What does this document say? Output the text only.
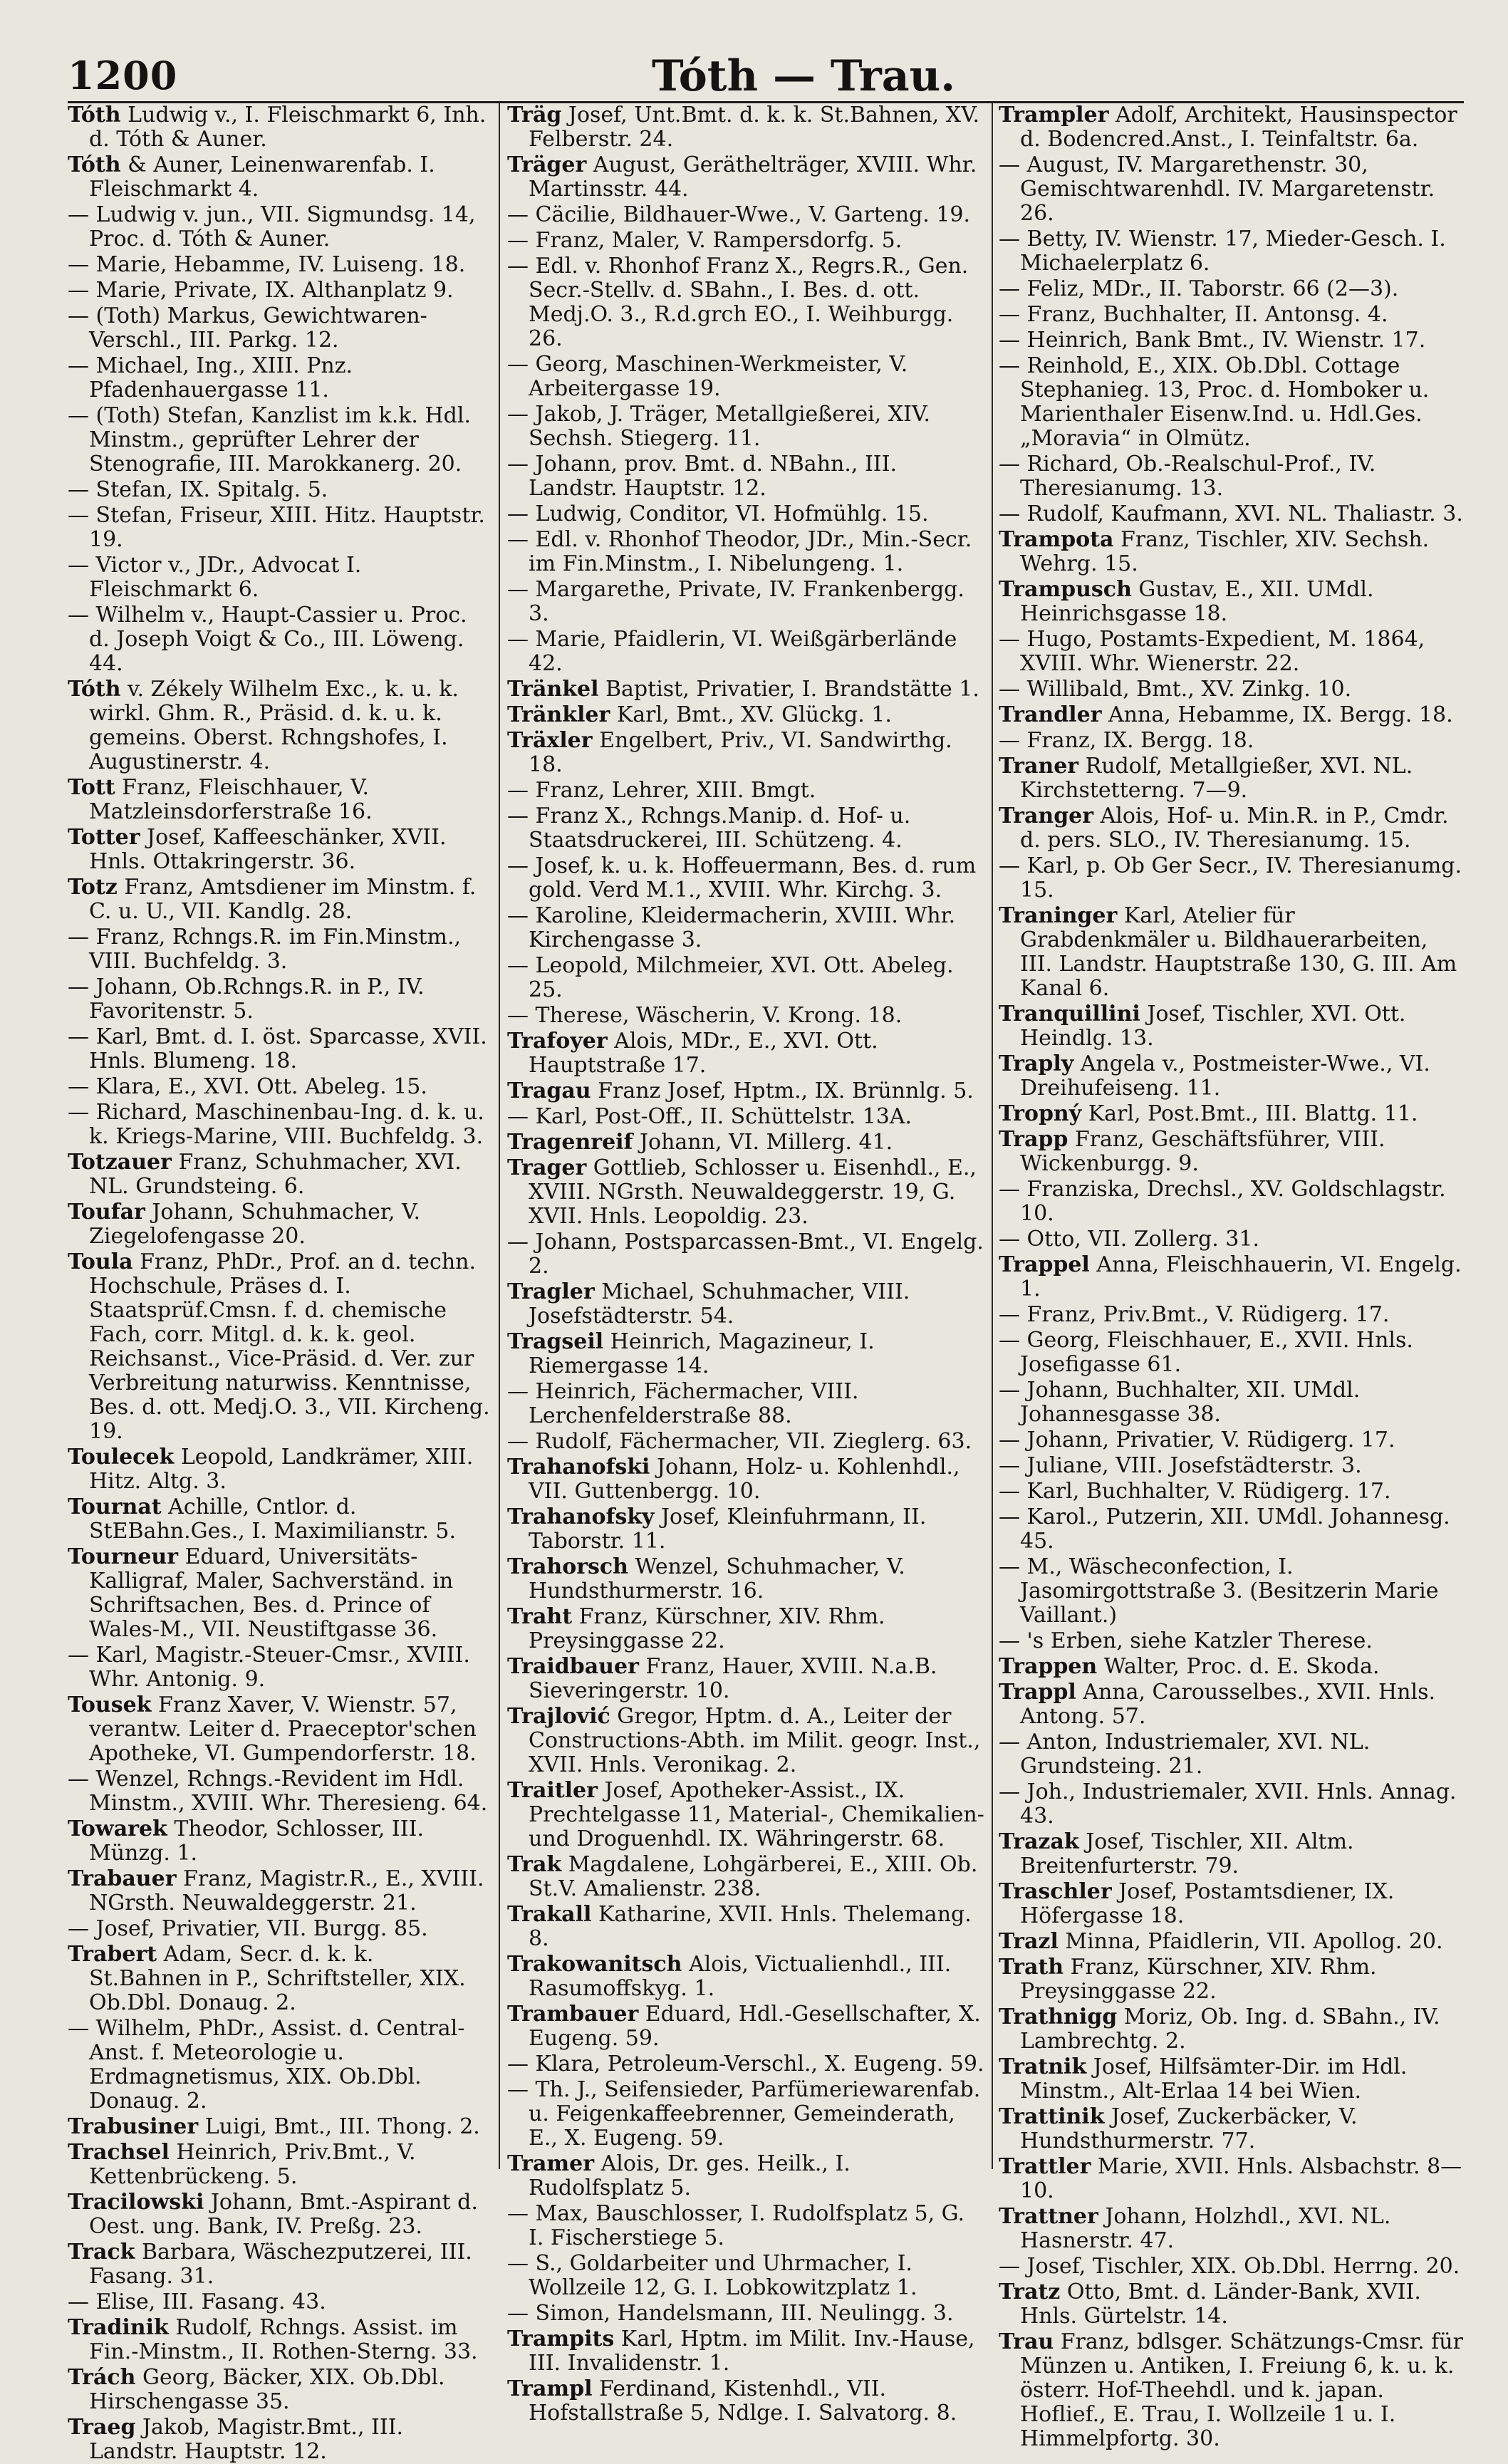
1200	Tóth — Trau.

Tóth Ludwig v., I. Fleischmarkt 6, Inh. d. Tóth & Auner.

Tóth & Auner, Leinenwarenfab. I. Fleischmarkt 4.

— Ludwig v. jun., VII. Sigmundsg. 14, Proc. d. Tóth & Auner.

— Marie, Hebamme, IV. Luiseng. 18.

— Marie, Private, IX. Althanplatz 9.

— (Toth) Markus, Gewichtwaren-Verschl., III. Parkg. 12.

— Michael, Ing., XIII. Pnz. Pfadenhauergasse 11.

— (Toth) Stefan, Kanzlist im k.k. Hdl. Minstm., geprüfter Lehrer der Stenografie, III. Marokkanerg. 20.

— Stefan, IX. Spitalg. 5.

— Stefan, Friseur, XIII. Hitz. Hauptstr. 19.

— Victor v., JDr., Advocat I. Fleischmarkt 6.

— Wilhelm v., Haupt-Cassier u. Proc. d. Joseph Voigt & Co., III. Löweng. 44.

Tóth v. Zékely Wilhelm Exc., k. u. k. wirkl. Ghm. R., Präsid. d. k. u. k. gemeins. Oberst. Rchngshofes, I. Augustinerstr. 4.

Tott Franz, Fleischhauer, V. Matzleinsdorferstraße 16.

Totter Josef, Kaffeeschänker, XVII. Hnls. Ottakringerstr. 36.

Totz Franz, Amtsdiener im Minstm. f. C. u. U., VII. Kandlg. 28.

— Franz, Rchngs.R. im Fin.Minstm., VIII. Buchfeldg. 3.

— Johann, Ob.Rchngs.R. in P., IV. Favoritenstr. 5.

— Karl, Bmt. d. I. öst. Sparcasse, XVII. Hnls. Blumeng. 18.

— Klara, E., XVI. Ott. Abeleg. 15.

— Richard, Maschinenbau-Ing. d. k. u. k. Kriegs-Marine, VIII. Buchfeldg. 3.

Totzauer Franz, Schuhmacher, XVI. NL. Grundsteing. 6.

Toufar Johann, Schuhmacher, V. Ziegelofengasse 20.

Toula Franz, PhDr., Prof. an d. techn. Hochschule, Präses d. I. Staatsprüf.Cmsn. f. d. chemische Fach, corr. Mitgl. d. k. k. geol. Reichsanst., Vice-Präsid. d. Ver. zur Verbreitung naturwiss. Kenntnisse, Bes. d. ott. Medj.O. 3., VII. Kircheng. 19.

Toulecek Leopold, Landkrämer, XIII. Hitz. Altg. 3.

Tournat Achille, Cntlor. d. StEBahn.Ges., I. Maximilianstr. 5.

Tourneur Eduard, Universitäts-Kalligraf, Maler, Sachverständ. in Schriftsachen, Bes. d. Prince of Wales-M., VII. Neustiftgasse 36.

— Karl, Magistr.-Steuer-Cmsr., XVIII. Whr. Antonig. 9.

Tousek Franz Xaver, V. Wienstr. 57, verantw. Leiter d. Praeceptor'schen Apotheke, VI. Gumpendorferstr. 18.

— Wenzel, Rchngs.-Revident im Hdl. Minstm., XVIII. Whr. Theresieng. 64.

Towarek Theodor, Schlosser, III. Münzg. 1.

Trabauer Franz, Magistr.R., E., XVIII. NGrsth. Neuwaldeggerstr. 21.

— Josef, Privatier, VII. Burgg. 85.

Trabert Adam, Secr. d. k. k. St.Bahnen in P., Schriftsteller, XIX. Ob.Dbl. Donaug. 2.

— Wilhelm, PhDr., Assist. d. Central-Anst. f. Meteorologie u. Erdmagnetismus, XIX. Ob.Dbl. Donaug. 2.

Trabusiner Luigi, Bmt., III. Thong. 2.

Trachsel Heinrich, Priv.Bmt., V. Kettenbrückeng. 5.

Tracilowski Johann, Bmt.-Aspirant d. Oest. ung. Bank, IV. Preßg. 23.

Track Barbara, Wäschezputzerei, III. Fasang. 31.

— Elise, III. Fasang. 43.

Tradinik Rudolf, Rchngs. Assist. im Fin.-Minstm., II. Rothen-Sterng. 33.

Trách Georg, Bäcker, XIX. Ob.Dbl. Hirschengasse 35.

Traeg Jakob, Magistr.Bmt., III. Landstr. Hauptstr. 12.

Träg Josef, Unt.Bmt. d. k. k. St.Bahnen, XV. Felberstr. 24.

Träger August, Geräthelträger, XVIII. Whr. Martinsstr. 44.

— Cäcilie, Bildhauer-Wwe., V. Garteng. 19.

— Franz, Maler, V. Rampersdorfg. 5.

— Edl. v. Rhonhof Franz X., Regrs.R., Gen. Secr.-Stellv. d. SBahn., I. Bes. d. ott. Medj.O. 3., R.d.grch EO., I. Weihburgg. 26.

— Georg, Maschinen-Werkmeister, V. Arbeitergasse 19.

— Jakob, J. Träger, Metallgießerei, XIV. Sechsh. Stiegerg. 11.

— Johann, prov. Bmt. d. NBahn., III. Landstr. Hauptstr. 12.

— Ludwig, Conditor, VI. Hofmühlg. 15.

— Edl. v. Rhonhof Theodor, JDr., Min.-Secr. im Fin.Minstm., I. Nibelungeng. 1.

— Margarethe, Private, IV. Frankenbergg. 3.

— Marie, Pfaidlerin, VI. Weißgärberlände 42.

Tränkel Baptist, Privatier, I. Brandstätte 1.

Tränkler Karl, Bmt., XV. Glückg. 1.

Träxler Engelbert, Priv., VI. Sandwirthg. 18.

— Franz, Lehrer, XIII. Bmgt.

— Franz X., Rchngs.Manip. d. Hof- u. Staatsdruckerei, III. Schützeng. 4.

— Josef, k. u. k. Hoffeuermann, Bes. d. rum gold. Verd M.1., XVIII. Whr. Kirchg. 3.

— Karoline, Kleidermacherin, XVIII. Whr. Kirchengasse 3.

— Leopold, Milchmeier, XVI. Ott. Abeleg. 25.

— Therese, Wäscherin, V. Krong. 18.

Trafoyer Alois, MDr., E., XVI. Ott. Hauptstraße 17.

Tragau Franz Josef, Hptm., IX. Brünnlg. 5.

— Karl, Post-Off., II. Schüttelstr. 13A.

Tragenreif Johann, VI. Millerg. 41.

Trager Gottlieb, Schlosser u. Eisenhdl., E., XVIII. NGrsth. Neuwaldeggerstr. 19, G. XVII. Hnls. Leopoldig. 23.

— Johann, Postsparcassen-Bmt., VI. Engelg. 2.

Tragler Michael, Schuhmacher, VIII. Josefstädterstr. 54.

Tragseil Heinrich, Magazineur, I. Riemergasse 14.

— Heinrich, Fächermacher, VIII. Lerchenfelderstraße 88.

— Rudolf, Fächermacher, VII. Zieglerg. 63.

Trahanofski Johann, Holz- u. Kohlenhdl., VII. Guttenbergg. 10.

Trahanofsky Josef, Kleinfuhrmann, II. Taborstr. 11.

Trahorsch Wenzel, Schuhmacher, V. Hundsthurmerstr. 16.

Traht Franz, Kürschner, XIV. Rhm. Preysinggasse 22.

Traidbauer Franz, Hauer, XVIII. N.a.B. Sieveringerstr. 10.

Trajlović Gregor, Hptm. d. A., Leiter der Constructions-Abth. im Milit. geogr. Inst., XVII. Hnls. Veronikag. 2.

Traitler Josef, Apotheker-Assist., IX. Prechtelgasse 11, Material-, Chemikalien- und Droguenhdl. IX. Währingerstr. 68.

Trak Magdalene, Lohgärberei, E., XIII. Ob. St.V. Amalienstr. 238.

Trakall Katharine, XVII. Hnls. Thelemang. 8.

Trakowanitsch Alois, Victualienhdl., III. Rasumoffskyg. 1.

Trambauer Eduard, Hdl.-Gesellschafter, X. Eugeng. 59.

— Klara, Petroleum-Verschl., X. Eugeng. 59.

— Th. J., Seifensieder, Parfümeriewarenfab. u. Feigenkaffeebrenner, Gemeinderath, E., X. Eugeng. 59.

Tramer Alois, Dr. ges. Heilk., I. Rudolfsplatz 5.

— Max, Bauschlosser, I. Rudolfsplatz 5, G. I. Fischerstiege 5.

— S., Goldarbeiter und Uhrmacher, I. Wollzeile 12, G. I. Lobkowitzplatz 1.

— Simon, Handelsmann, III. Neulingg. 3.

Trampits Karl, Hptm. im Milit. Inv.-Hause, III. Invalidenstr. 1.

Trampl Ferdinand, Kistenhdl., VII. Hofstallstraße 5, Ndlge. I. Salvatorg. 8.

Trampler Adolf, Architekt, Hausinspector d. Bodencred.Anst., I. Teinfaltstr. 6a.

— August, IV. Margarethenstr. 30, Gemischtwarenhdl. IV. Margaretenstr. 26.

— Betty, IV. Wienstr. 17, Mieder-Gesch. I. Michaelerplatz 6.

— Feliz, MDr., II. Taborstr. 66 (2—3).

— Franz, Buchhalter, II. Antonsg. 4.

— Heinrich, Bank Bmt., IV. Wienstr. 17.

— Reinhold, E., XIX. Ob.Dbl. Cottage Stephanieg. 13, Proc. d. Homboker u. Marienthaler Eisenw.Ind. u. Hdl.Ges. „Moravia“ in Olmütz.

— Richard, Ob.-Realschul-Prof., IV. Theresianumg. 13.

— Rudolf, Kaufmann, XVI. NL. Thaliastr. 3.

Trampota Franz, Tischler, XIV. Sechsh. Wehrg. 15.

Trampusch Gustav, E., XII. UMdl. Heinrichsgasse 18.

— Hugo, Postamts-Expedient, M. 1864, XVIII. Whr. Wienerstr. 22.

— Willibald, Bmt., XV. Zinkg. 10.

Trandler Anna, Hebamme, IX. Bergg. 18.

— Franz, IX. Bergg. 18.

Traner Rudolf, Metallgießer, XVI. NL. Kirchstetterng. 7—9.

Tranger Alois, Hof- u. Min.R. in P., Cmdr. d. pers. SLO., IV. Theresianumg. 15.

— Karl, p. Ob Ger Secr., IV. Theresianumg. 15.

Traninger Karl, Atelier für Grabdenkmäler u. Bildhauerarbeiten, III. Landstr. Hauptstraße 130, G. III. Am Kanal 6.

Tranquillini Josef, Tischler, XVI. Ott. Heindlg. 13.

Traply Angela v., Postmeister-Wwe., VI. Dreihufeiseng. 11.

Tropný Karl, Post.Bmt., III. Blattg. 11.

Trapp Franz, Geschäftsführer, VIII. Wickenburgg. 9.

— Franziska, Drechsl., XV. Goldschlagstr. 10.

— Otto, VII. Zollerg. 31.

Trappel Anna, Fleischhauerin, VI. Engelg. 1.

— Franz, Priv.Bmt., V. Rüdigerg. 17.

— Georg, Fleischhauer, E., XVII. Hnls. Josefigasse 61.

— Johann, Buchhalter, XII. UMdl. Johannesgasse 38.

— Johann, Privatier, V. Rüdigerg. 17.

— Juliane, VIII. Josefstädterstr. 3.

— Karl, Buchhalter, V. Rüdigerg. 17.

— Karol., Putzerin, XII. UMdl. Johannesg. 45.

— M., Wäscheconfection, I. Jasomirgottstraße 3. (Besitzerin Marie Vaillant.)

— 's Erben, siehe Katzler Therese.

Trappen Walter, Proc. d. E. Skoda.

Trappl Anna, Carousselbes., XVII. Hnls. Antong. 57.

— Anton, Industriemaler, XVI. NL. Grundsteing. 21.

— Joh., Industriemaler, XVII. Hnls. Annag. 43.

Trazak Josef, Tischler, XII. Altm. Breitenfurterstr. 79.

Traschler Josef, Postamtsdiener, IX. Höfergasse 18.

Trazl Minna, Pfaidlerin, VII. Apollog. 20.

Trath Franz, Kürschner, XIV. Rhm. Preysinggasse 22.

Trathnigg Moriz, Ob. Ing. d. SBahn., IV. Lambrechtg. 2.

Tratnik Josef, Hilfsämter-Dir. im Hdl. Minstm., Alt-Erlaa 14 bei Wien.

Trattinik Josef, Zuckerbäcker, V. Hundsthurmerstr. 77.

Trattler Marie, XVII. Hnls. Alsbachstr. 8—10.

Trattner Johann, Holzhdl., XVI. NL. Hasnerstr. 47.

— Josef, Tischler, XIX. Ob.Dbl. Herrng. 20.

Tratz Otto, Bmt. d. Länder-Bank, XVII. Hnls. Gürtelstr. 14.

Trau Franz, bdlsger. Schätzungs-Cmsr. für Münzen u. Antiken, I. Freiung 6, k. u. k. österr. Hof-Theehdl. und k. japan. Hoflief., E. Trau, I. Wollzeile 1 u. I. Himmelpfortg. 30.
